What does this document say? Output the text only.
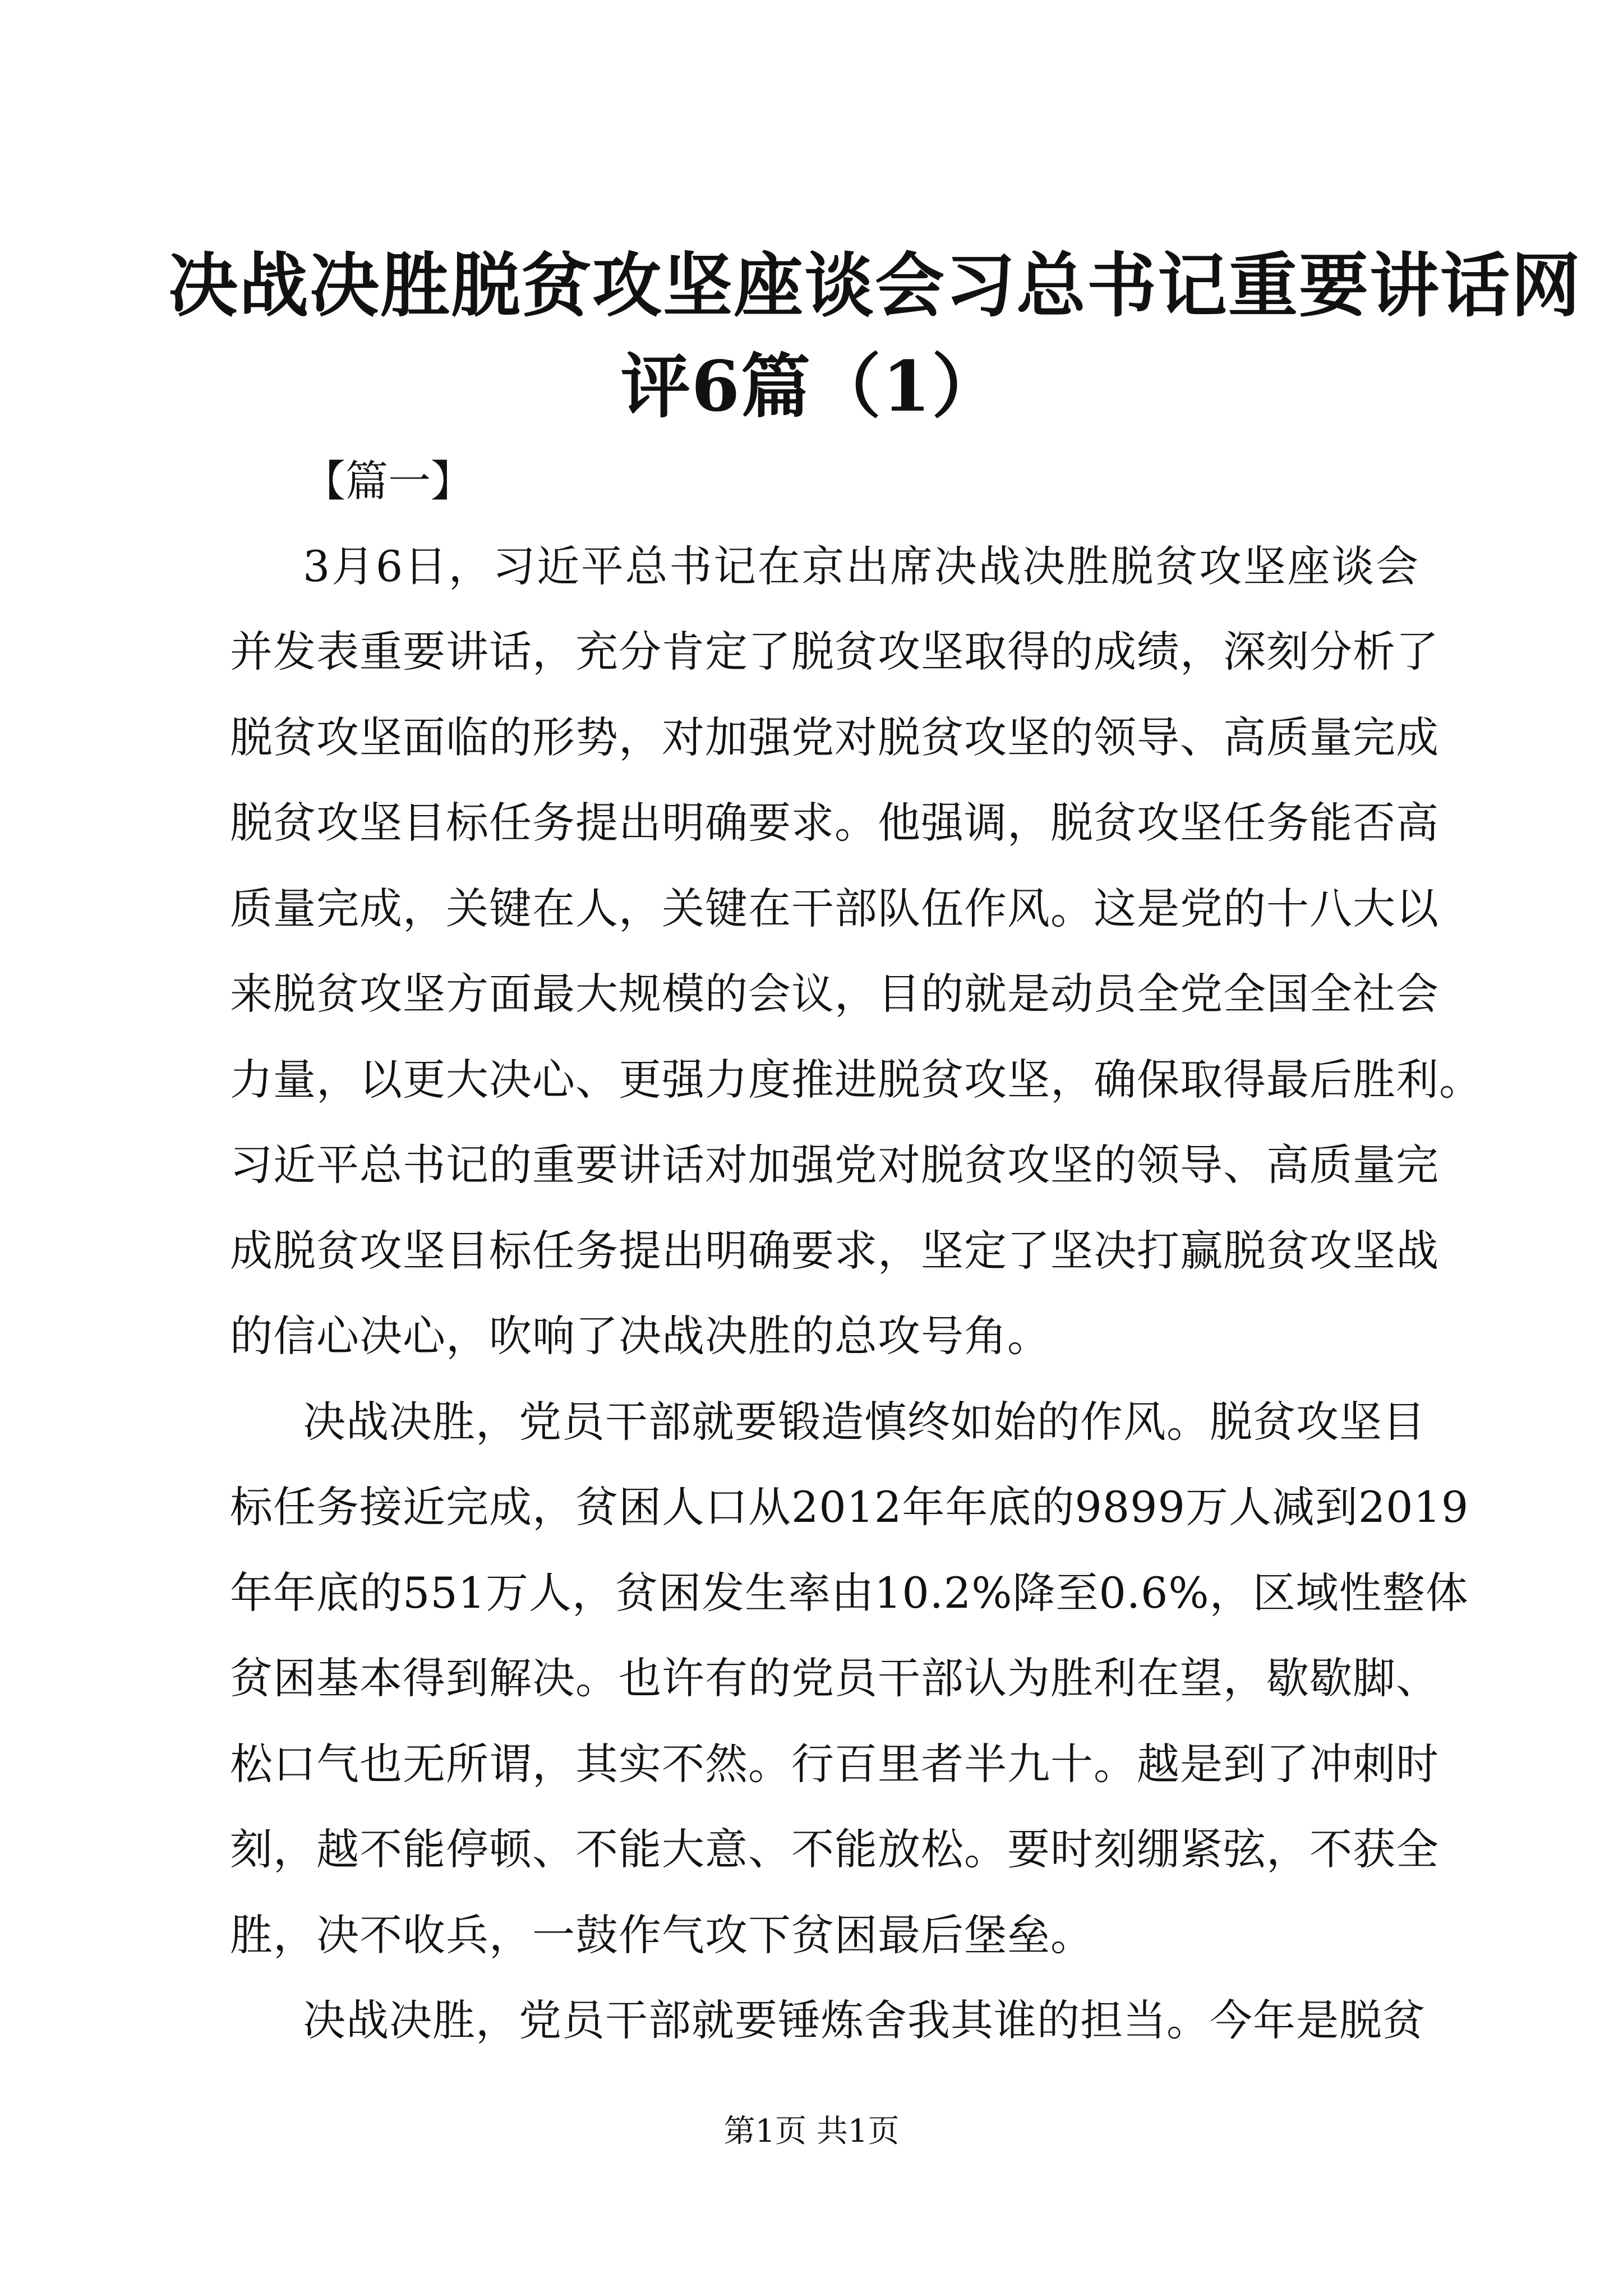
决战决胜脱贫攻坚座谈会习总书记重要讲话网
评6篇（1）

【篇一】

3月6日，习近平总书记在京出席决战决胜脱贫攻坚座谈会

并发表重要讲话，充分肯定了脱贫攻坚取得的成绩，深刻分析了

脱贫攻坚面临的形势，对加强党对脱贫攻坚的领导、高质量完成

脱贫攻坚目标任务提出明确要求。他强调，脱贫攻坚任务能否高

质量完成，关键在人，关键在干部队伍作风。这是党的十八大以

来脱贫攻坚方面最大规模的会议，目的就是动员全党全国全社会

力量，以更大决心、更强力度推进脱贫攻坚，确保取得最后胜利。

习近平总书记的重要讲话对加强党对脱贫攻坚的领导、高质量完

成脱贫攻坚目标任务提出明确要求，坚定了坚决打赢脱贫攻坚战

的信心决心，吹响了决战决胜的总攻号角。

决战决胜，党员干部就要锻造慎终如始的作风。脱贫攻坚目

标任务接近完成，贫困人口从2012年年底的9899万人减到2019

年年底的551万人，贫困发生率由10.2%降至0.6%，区域性整体

贫困基本得到解决。也许有的党员干部认为胜利在望，歇歇脚、

松口气也无所谓，其实不然。行百里者半九十。越是到了冲刺时

刻，越不能停顿、不能大意、不能放松。要时刻绷紧弦，不获全

胜，决不收兵，一鼓作气攻下贫困最后堡垒。

决战决胜，党员干部就要锤炼舍我其谁的担当。今年是脱贫

第1页 共1页
